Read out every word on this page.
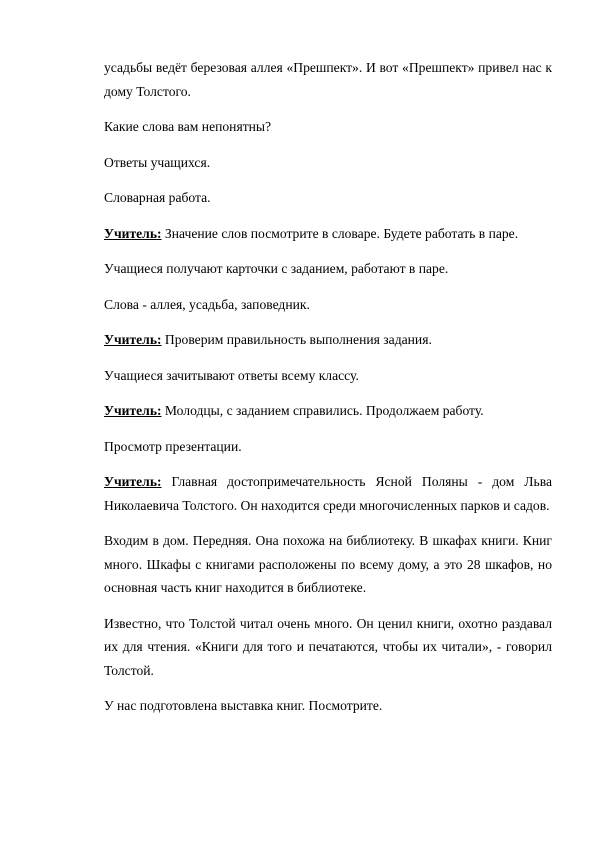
усадьбы ведёт березовая аллея «Прешпект». И вот «Прешпект» привел нас к дому Толстого.

Какие слова вам непонятны?

Ответы учащихся.

Словарная работа.

Учитель: Значение слов посмотрите в словаре. Будете работать в паре.

Учащиеся получают карточки с заданием, работают в паре.

Слова - аллея, усадьба, заповедник.

Учитель: Проверим правильность выполнения задания.

Учащиеся зачитывают ответы всему классу.

Учитель: Молодцы, с заданием справились. Продолжаем работу.

Просмотр презентации.

Учитель: Главная достопримечательность Ясной Поляны - дом Льва Николаевича Толстого. Он находится среди многочисленных парков и садов.

Входим в дом. Передняя. Она похожа на библиотеку. В шкафах книги. Книг много. Шкафы с книгами расположены по всему дому, а это 28 шкафов, но основная часть книг находится в библиотеке.

Известно, что Толстой читал очень много. Он ценил книги, охотно раздавал их для чтения. «Книги для того и печатаются, чтобы их читали», - говорил Толстой.

У нас подготовлена выставка книг. Посмотрите.
